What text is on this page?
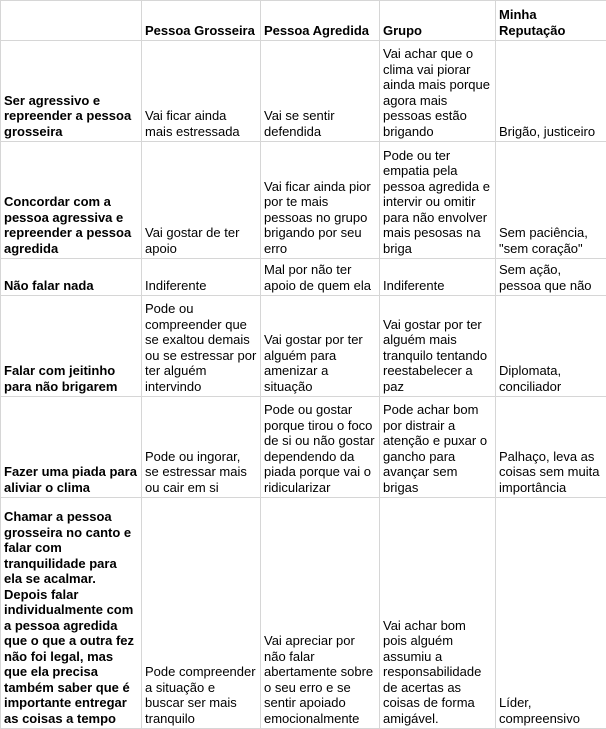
	Pessoa Grosseira	Pessoa Agredida	Grupo	Minha Reputação
Ser agressivo e repreender a pessoa grosseira	Vai ficar ainda mais estressada	Vai se sentir defendida	Vai achar que o clima vai piorar ainda mais porque agora mais pessoas estão brigando	Brigão, justiceiro
Concordar com a pessoa agressiva e repreender a pessoa agredida	Vai gostar de ter apoio	Vai ficar ainda pior por te mais pessoas no grupo brigando por seu erro	Pode ou ter empatia pela pessoa agredida e intervir ou omitir para não envolver mais pesosas na briga	Sem paciência, "sem coração"
Não falar nada	Indiferente	Mal por não ter apoio de quem ela	Indiferente	Sem ação, pessoa que não
Falar com jeitinho para não brigarem	Pode ou compreender que se exaltou demais ou se estressar por ter alguém intervindo	Vai gostar por ter alguém para amenizar a situação	Vai gostar por ter alguém mais tranquilo tentando reestabelecer a paz	Diplomata, conciliador
Fazer uma piada para aliviar o clima	Pode ou ingorar, se estressar mais ou cair em si	Pode ou gostar porque tirou o foco de si ou não gostar dependendo da piada porque vai o ridicularizar	Pode achar bom por distrair a atenção e puxar o gancho para avançar sem brigas	Palhaço, leva as coisas sem muita importância
Chamar a pessoa grosseira no canto e falar com tranquilidade para ela se acalmar. Depois falar individualmente com a pessoa agredida que o que a outra fez não foi legal, mas que ela precisa também saber que é importante entregar as coisas a tempo	Pode compreender a situação e buscar ser mais tranquilo	Vai apreciar por não falar abertamente sobre o seu erro e se sentir apoiado emocionalmente	Vai achar bom pois alguém assumiu a responsabilidade de acertas as coisas de forma amigável.	Líder, compreensivo
